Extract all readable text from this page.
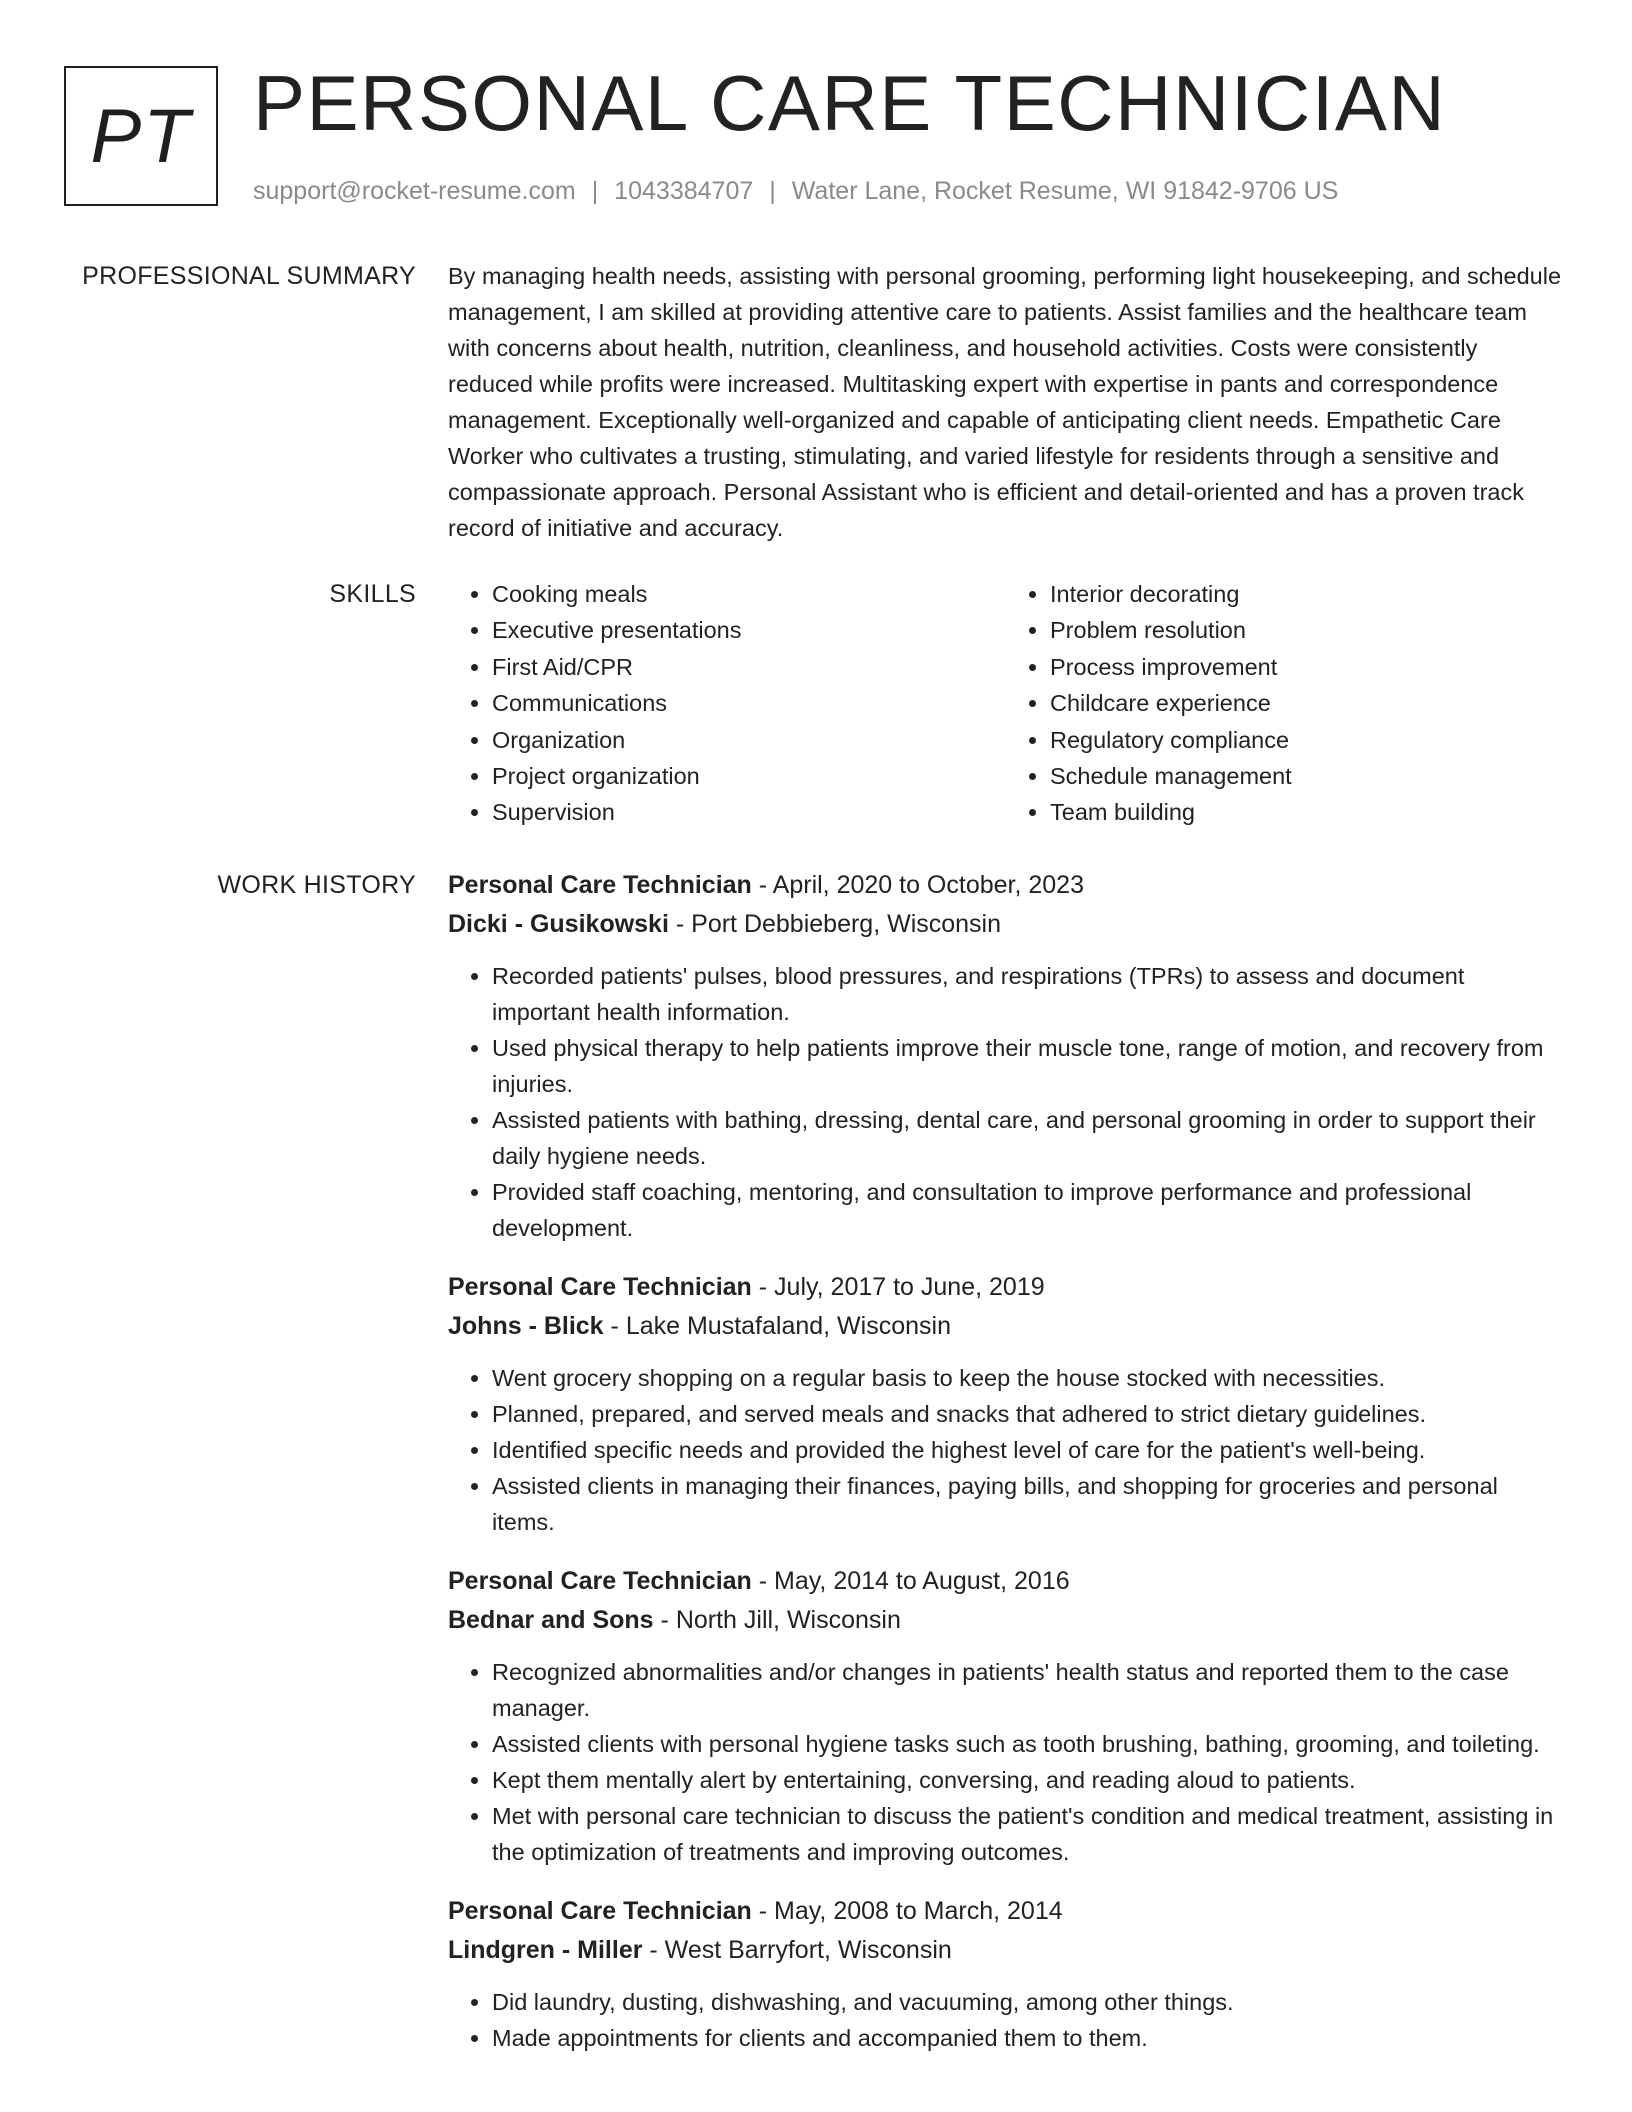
PT PERSONAL CARE TECHNICIAN
support@rocket-resume.com | 1043384707 | Water Lane, Rocket Resume, WI 91842-9706 US
PROFESSIONAL SUMMARY By managing health needs, assisting with personal grooming, performing light housekeeping, and schedule management, I am skilled at providing attentive care to patients. Assist families and the healthcare team with concerns about health, nutrition, cleanliness, and household activities. Costs were consistently reduced while profits were increased. Multitasking expert with expertise in pants and correspondence management. Exceptionally well-organized and capable of anticipating client needs. Empathetic Care Worker who cultivates a trusting, stimulating, and varied lifestyle for residents through a sensitive and compassionate approach. Personal Assistant who is efficient and detail-oriented and has a proven track record of initiative and accuracy.

SKILLS
•	Cooking meals
• Executive presentations
• First Aid/CPR
• Communications
• Organization
• Project organization
• Supervision
• Interior decorating
• Problem resolution
• Process improvement
• Childcare experience
• Regulatory compliance
• Schedule management
• Team building
WORK HISTORY Personal Care Technician - April, 2020 to October, 2023
Dicki - Gusikowski - Port Debbieberg, Wisconsin
• Recorded patients' pulses, blood pressures, and respirations (TPRs) to assess and document important health information.
• Used physical therapy to help patients improve their muscle tone, range of motion, and recovery from injuries.
• Assisted patients with bathing, dressing, dental care, and personal grooming in order to support their daily hygiene needs.
• Provided staff coaching, mentoring, and consultation to improve performance and professional development.
Personal Care Technician - July, 2017 to June, 2019
Johns - Blick - Lake Mustafaland, Wisconsin
• Went grocery shopping on a regular basis to keep the house stocked with necessities.
• Planned, prepared, and served meals and snacks that adhered to strict dietary guidelines.
• Identified specific needs and provided the highest level of care for the patient's well-being.
• Assisted clients in managing their finances, paying bills, and shopping for groceries and personal items.
Personal Care Technician - May, 2014 to August, 2016
Bednar and Sons - North Jill, Wisconsin
• Recognized abnormalities and/or changes in patients' health status and reported them to the case manager.
• Assisted clients with personal hygiene tasks such as tooth brushing, bathing, grooming, and toileting.
• Kept them mentally alert by entertaining, conversing, and reading aloud to patients.
• Met with personal care technician to discuss the patient's condition and medical treatment, assisting in the optimization of treatments and improving outcomes.
Personal Care Technician - May, 2008 to March, 2014
Lindgren - Miller - West Barryfort, Wisconsin
• Did laundry, dusting, dishwashing, and vacuuming, among other things.
• Made appointments for clients and accompanied them to them.
